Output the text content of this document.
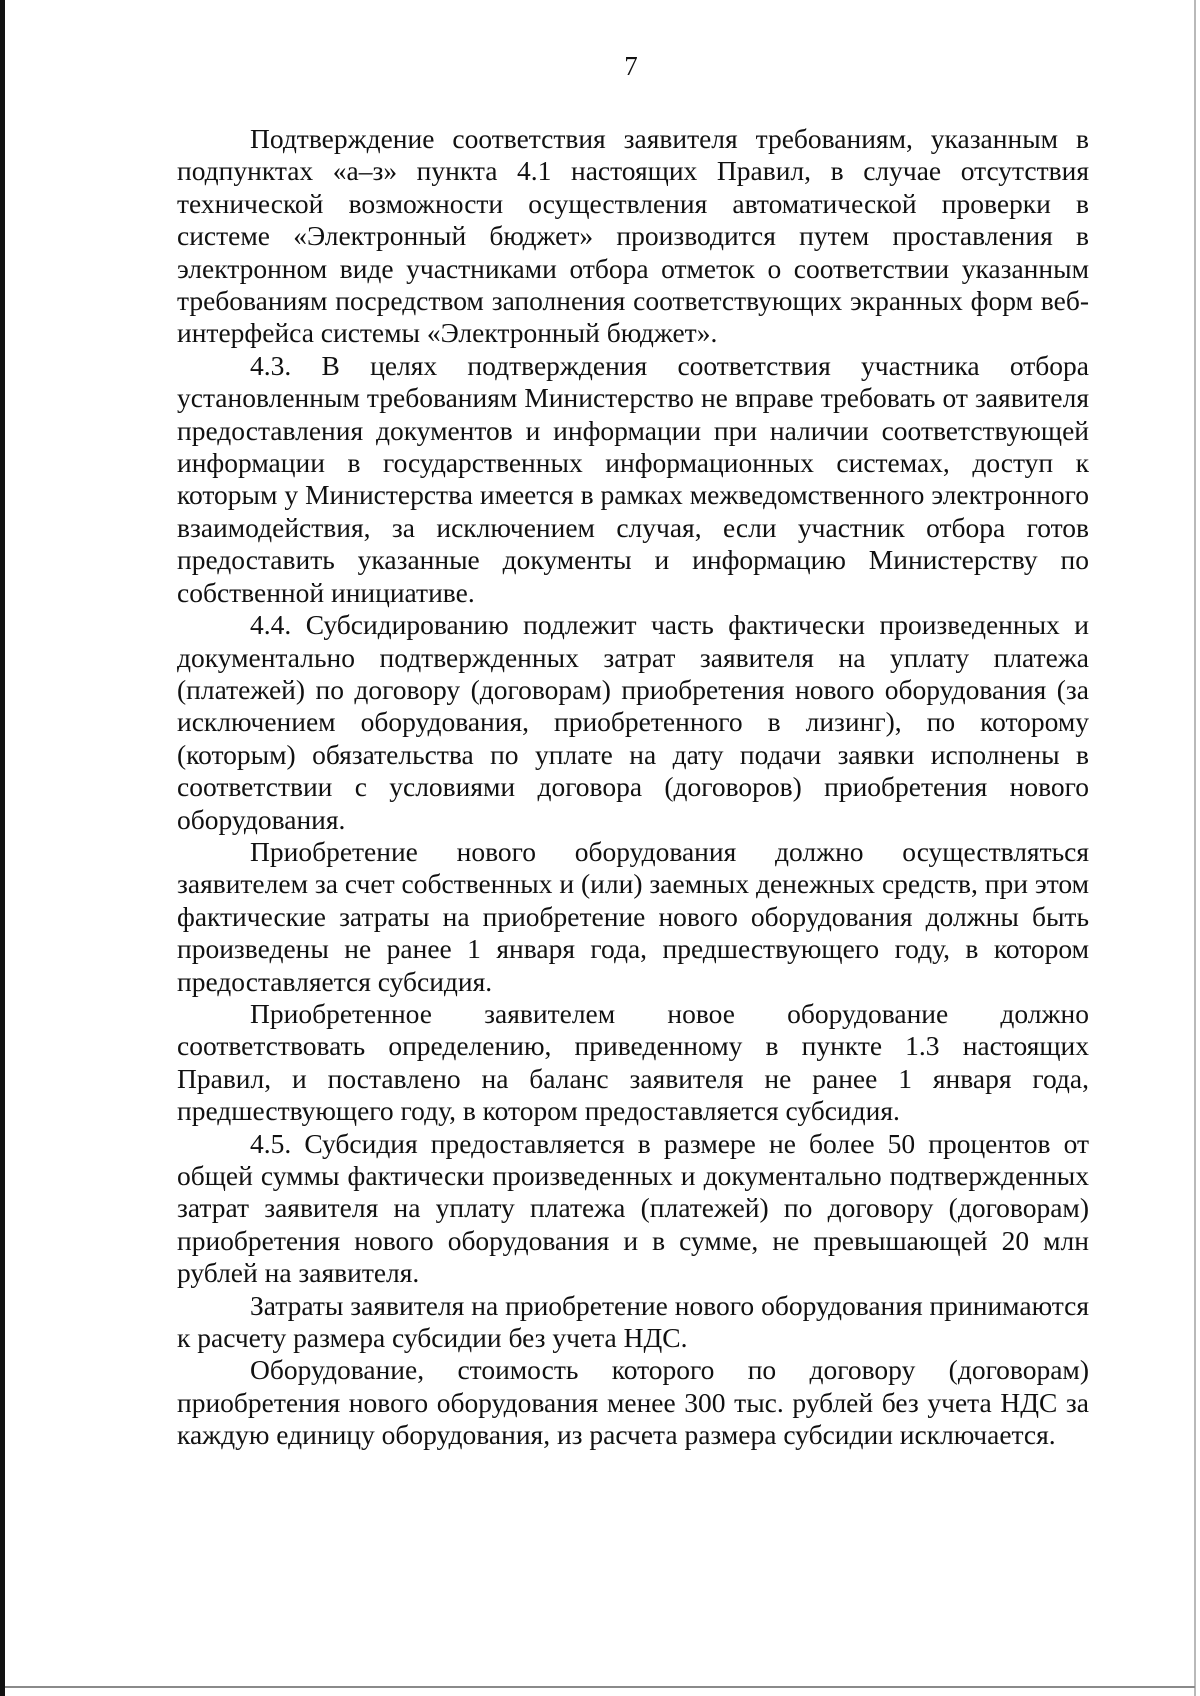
7

Подтверждение соответствия заявителя требованиям, указанным в подпунктах «а–з» пункта 4.1 настоящих Правил, в случае отсутствия технической возможности осуществления автоматической проверки в системе «Электронный бюджет» производится путем проставления в электронном виде участниками отбора отметок о соответствии указанным требованиям посредством заполнения соответствующих экранных форм веб-интерфейса системы «Электронный бюджет».

4.3. В целях подтверждения соответствия участника отбора установленным требованиям Министерство не вправе требовать от заявителя предоставления документов и информации при наличии соответствующей информации в государственных информационных системах, доступ к которым у Министерства имеется в рамках межведомственного электронного взаимодействия, за исключением случая, если участник отбора готов предоставить указанные документы и информацию Министерству по собственной инициативе.

4.4. Субсидированию подлежит часть фактически произведенных и документально подтвержденных затрат заявителя на уплату платежа (платежей) по договору (договорам) приобретения нового оборудования (за исключением оборудования, приобретенного в лизинг), по которому (которым) обязательства по уплате на дату подачи заявки исполнены в соответствии с условиями договора (договоров) приобретения нового оборудования.

Приобретение нового оборудования должно осуществляться заявителем за счет собственных и (или) заемных денежных средств, при этом фактические затраты на приобретение нового оборудования должны быть произведены не ранее 1 января года, предшествующего году, в котором предоставляется субсидия.

Приобретенное заявителем новое оборудование должно соответствовать определению, приведенному в пункте 1.3 настоящих Правил, и поставлено на баланс заявителя не ранее 1 января года, предшествующего году, в котором предоставляется субсидия.

4.5. Субсидия предоставляется в размере не более 50 процентов от общей суммы фактически произведенных и документально подтвержденных затрат заявителя на уплату платежа (платежей) по договору (договорам) приобретения нового оборудования и в сумме, не превышающей 20 млн рублей на заявителя.

Затраты заявителя на приобретение нового оборудования принимаются к расчету размера субсидии без учета НДС.

Оборудование, стоимость которого по договору (договорам) приобретения нового оборудования менее 300 тыс. рублей без учета НДС за каждую единицу оборудования, из расчета размера субсидии исключается.
